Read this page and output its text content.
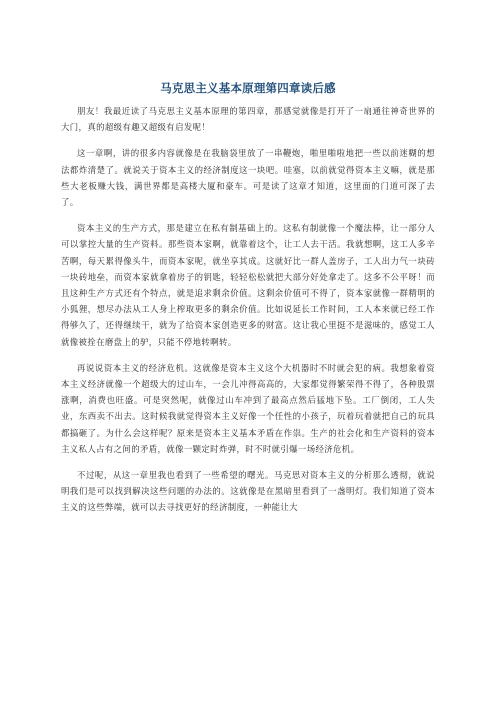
马克思主义基本原理第四章读后感

朋友！我最近读了马克思主义基本原理的第四章，那感觉就像是打开了一扇通往神奇世界的大门，真的超级有趣又超级有启发呢！

这一章啊，讲的很多内容就像是在我脑袋里放了一串鞭炮，啪里啪啦地把一些以前迷糊的想法都炸清楚了。就说关于资本主义的经济制度这一块吧。哇塞，以前就觉得资本主义嘛，就是那些大老板赚大钱，满世界都是高楼大厦和豪车。可是读了这章才知道，这里面的门道可深了去了。

资本主义的生产方式，那是建立在私有制基础上的。这私有制就像一个魔法棒，让一部分人可以掌控大量的生产资料。那些资本家啊，就靠着这个，让工人去干活。我就想啊，这工人多辛苦啊，每天累得像头牛，而资本家呢，就坐享其成。这就好比一群人盖房子，工人出力气一块砖一块砖地垒，而资本家就拿着房子的钥匙，轻轻松松就把大部分好处拿走了。这多不公平呀！而且这种生产方式还有个特点，就是追求剩余价值。这剩余价值可不得了，资本家就像一群精明的小狐狸，想尽办法从工人身上榨取更多的剩余价值。比如说延长工作时间，工人本来就已经工作得够久了，还得继续干，就为了给资本家创造更多的财富。这让我心里挺不是滋味的，感觉工人就像被拴在磨盘上的驴，只能不停地转啊转。

再说说资本主义的经济危机。这就像是资本主义这个大机器时不时就会犯的病。我想象着资本主义经济就像一个超级大的过山车，一会儿冲得高高的，大家都觉得繁荣得不得了，各种股票涨啊，消费也旺盛。可是突然呢，就像过山车冲到了最高点然后猛地下坠。工厂倒闭，工人失业，东西卖不出去。这时候我就觉得资本主义好像一个任性的小孩子，玩着玩着就把自己的玩具都搞砸了。为什么会这样呢？原来是资本主义基本矛盾在作祟。生产的社会化和生产资料的资本主义私人占有之间的矛盾，就像一颗定时炸弹，时不时就引爆一场经济危机。

不过呢，从这一章里我也看到了一些希望的曙光。马克思对资本主义的分析那么透彻，就说明我们是可以找到解决这些问题的办法的。这就像是在黑暗里看到了一盏明灯。我们知道了资本主义的这些弊端，就可以去寻找更好的经济制度，一种能让大
